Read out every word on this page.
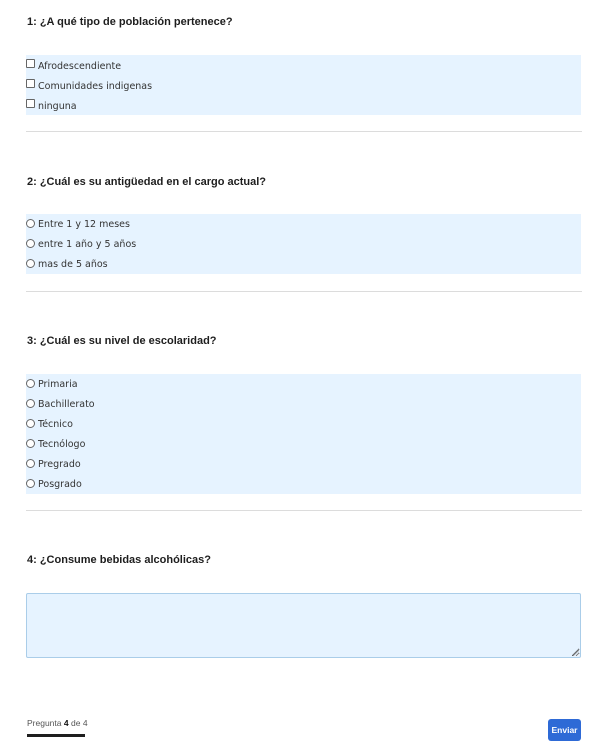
1: ¿A qué tipo de población pertenece?
Afrodescendiente
Comunidades indigenas
ninguna
2: ¿Cuál es su antigüedad en el cargo actual?
Entre 1 y 12 meses
entre 1 año y 5 años
mas de 5 años
3: ¿Cuál es su nivel de escolaridad?
Primaria
Bachillerato
Técnico
Tecnólogo
Pregrado
Posgrado
4: ¿Consume bebidas alcohólicas?
Pregunta 4 de 4
Enviar
